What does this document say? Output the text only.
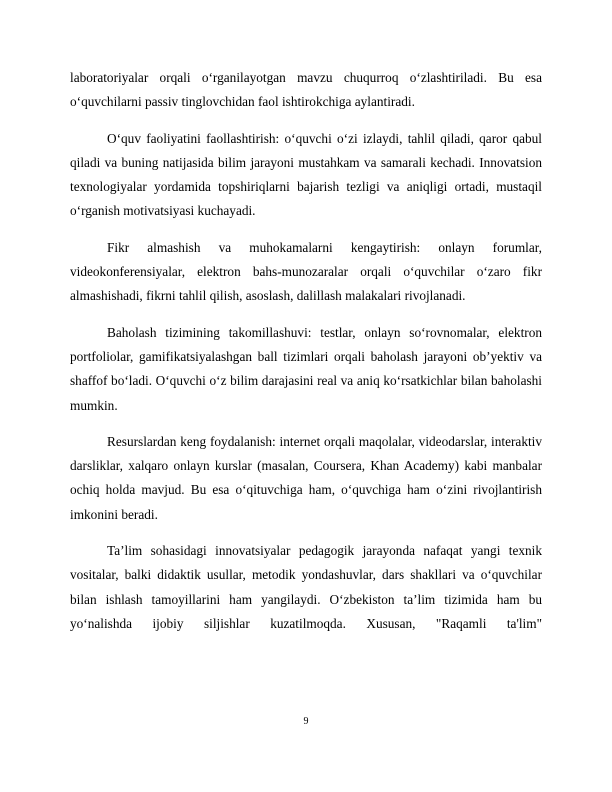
laboratoriyalar orqali o‘rganilayotgan mavzu chuqurroq o‘zlashtiriladi. Bu esa o‘quvchilarni passiv tinglovchidan faol ishtirokchiga aylantiradi.

O‘quv faoliyatini faollashtirish: o‘quvchi o‘zi izlaydi, tahlil qiladi, qaror qabul qiladi va buning natijasida bilim jarayoni mustahkam va samarali kechadi. Innovatsion texnologiyalar yordamida topshiriqlarni bajarish tezligi va aniqligi ortadi, mustaqil o‘rganish motivatsiyasi kuchayadi.

Fikr almashish va muhokamalarni kengaytirish: onlayn forumlar, videokonferensiyalar, elektron bahs-munozaralar orqali o‘quvchilar o‘zaro fikr almashishadi, fikrni tahlil qilish, asoslash, dalillash malakalari rivojlanadi.

Baholash tizimining takomillashuvi: testlar, onlayn so‘rovnomalar, elektron portfoliolar, gamifikatsiyalashgan ball tizimlari orqali baholash jarayoni ob’yektiv va shaffof bo‘ladi. O‘quvchi o‘z bilim darajasini real va aniq ko‘rsatkichlar bilan baholashi mumkin.

Resurslardan keng foydalanish: internet orqali maqolalar, videodarslar, interaktiv darsliklar, xalqaro onlayn kurslar (masalan, Coursera, Khan Academy) kabi manbalar ochiq holda mavjud. Bu esa o‘qituvchiga ham, o‘quvchiga ham o‘zini rivojlantirish imkonini beradi.

Ta’lim sohasidagi innovatsiyalar pedagogik jarayonda nafaqat yangi texnik vositalar, balki didaktik usullar, metodik yondashuvlar, dars shakllari va o‘quvchilar bilan ishlash tamoyillarini ham yangilaydi. O‘zbekiston ta’lim tizimida ham bu yo‘nalishda ijobiy siljishlar kuzatilmoqda. Xususan, "Raqamli ta'lim"

9
